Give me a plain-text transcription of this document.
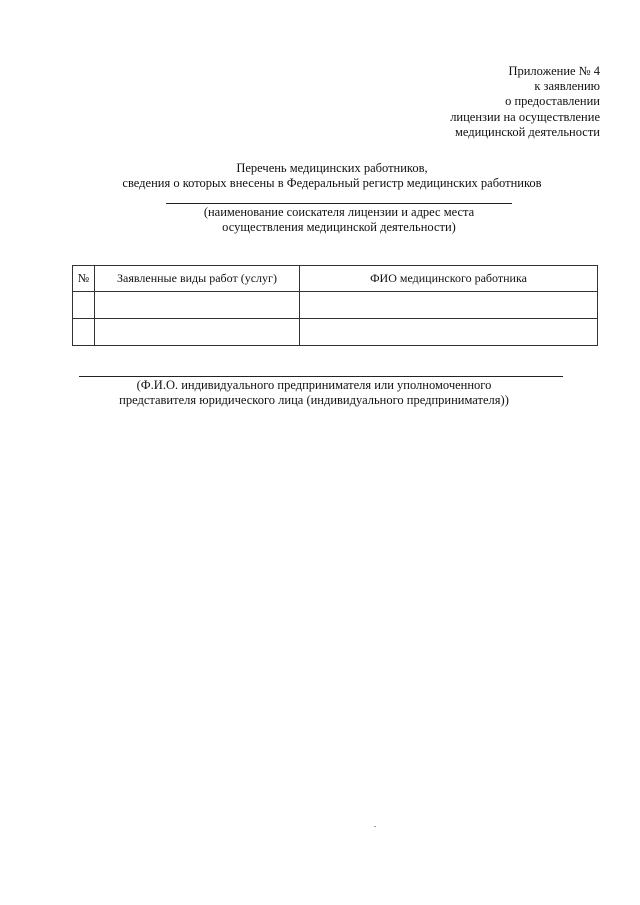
Приложение № 4
к заявлению
о предоставлении
лицензии на осуществление
медицинской деятельности
Перечень медицинских работников,
сведения о которых внесены в Федеральный регистр медицинских работников
(наименование соискателя лицензии и адрес места
осуществления медицинской деятельности)
№	Заявленные виды работ (услуг)	ФИО медицинского работника

(Ф.И.О. индивидуального предпринимателя или уполномоченного
представителя юридического лица (индивидуального предпринимателя))
